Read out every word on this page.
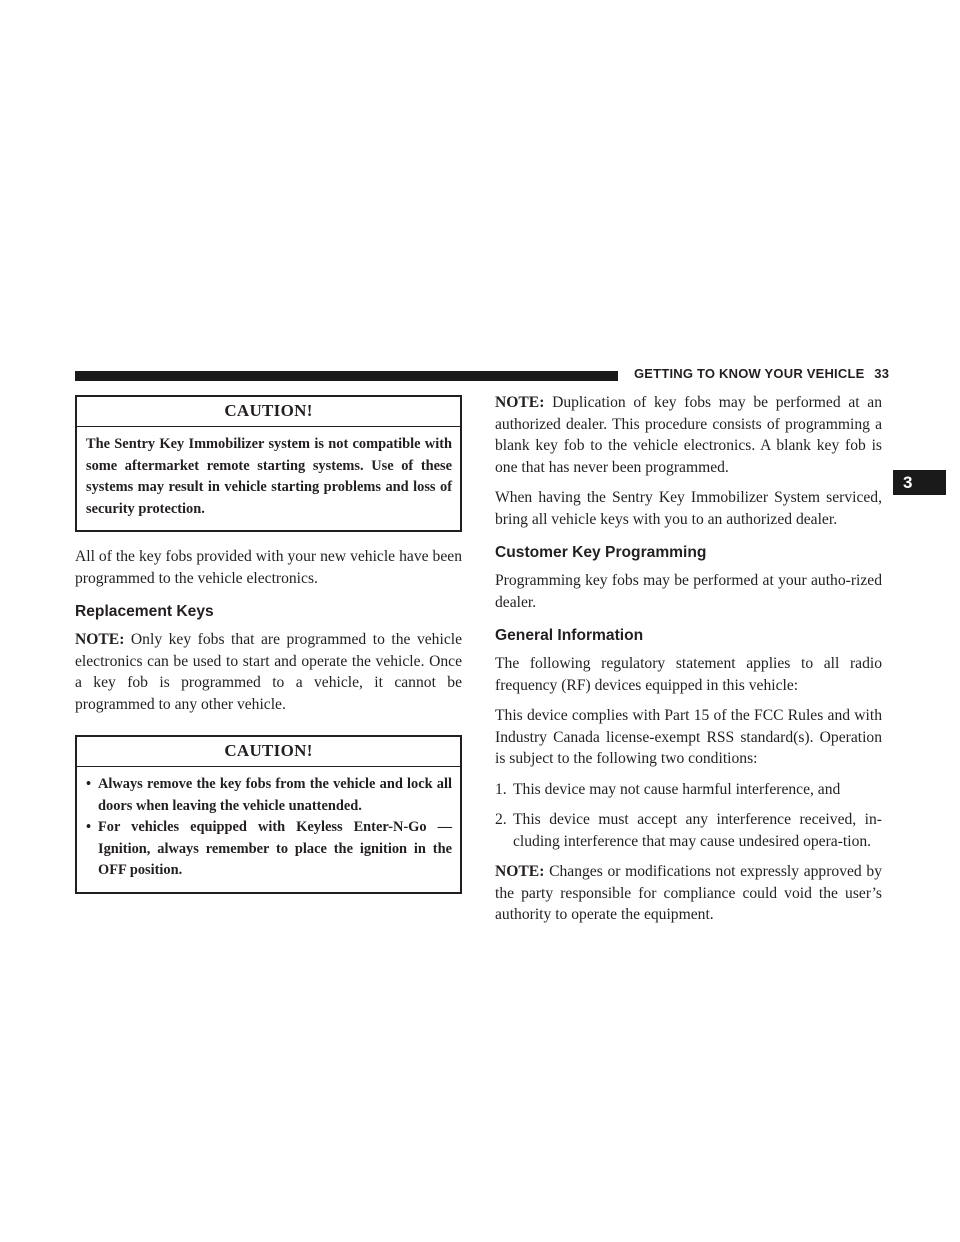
GETTING TO KNOW YOUR VEHICLE 33
3
CAUTION!
The Sentry Key Immobilizer system is not compatible with some aftermarket remote starting systems. Use of these systems may result in vehicle starting problems and loss of security protection.

All of the key fobs provided with your new vehicle have been programmed to the vehicle electronics.

Replacement Keys

NOTE: Only key fobs that are programmed to the vehicle electronics can be used to start and operate the vehicle. Once a key fob is programmed to a vehicle, it cannot be programmed to any other vehicle.

CAUTION!
• Always remove the key fobs from the vehicle and lock all doors when leaving the vehicle unattended.
• For vehicles equipped with Keyless Enter-N-Go — Ignition, always remember to place the ignition in the OFF position.

NOTE: Duplication of key fobs may be performed at an authorized dealer. This procedure consists of programming a blank key fob to the vehicle electronics. A blank key fob is one that has never been programmed.

When having the Sentry Key Immobilizer System serviced, bring all vehicle keys with you to an authorized dealer.

Customer Key Programming

Programming key fobs may be performed at your autho-rized dealer.

General Information

The following regulatory statement applies to all radio frequency (RF) devices equipped in this vehicle:

This device complies with Part 15 of the FCC Rules and with Industry Canada license-exempt RSS standard(s). Operation is subject to the following two conditions:

1. This device may not cause harmful interference, and
2. This device must accept any interference received, in-cluding interference that may cause undesired opera-tion.

NOTE: Changes or modifications not expressly approved by the party responsible for compliance could void the user’s authority to operate the equipment.
